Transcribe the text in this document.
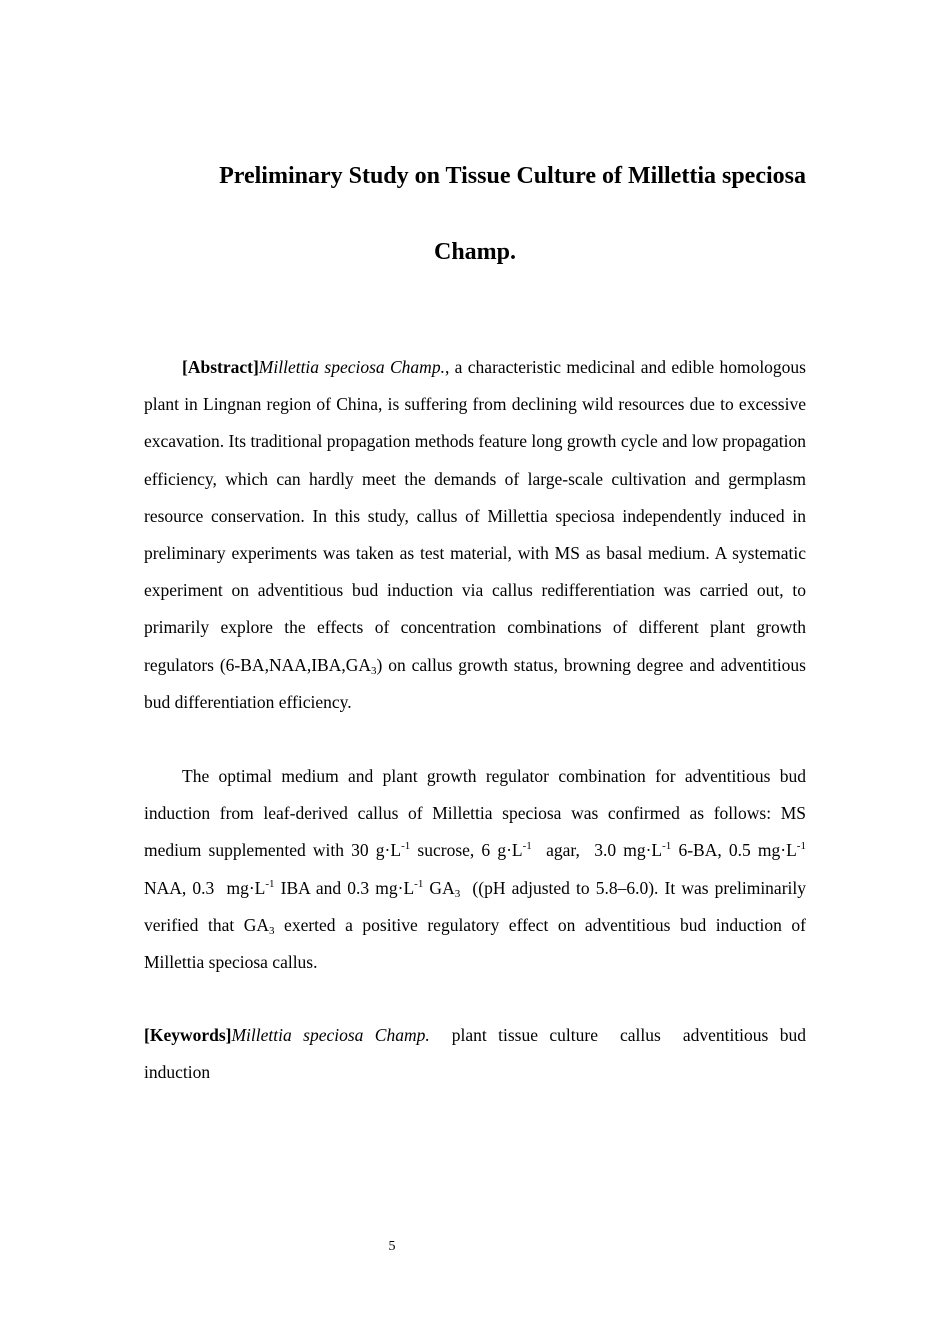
Preliminary Study on Tissue Culture of Millettia speciosa
Champ.

[Abstract]Millettia speciosa Champ., a characteristic medicinal and edible homologous plant in Lingnan region of China, is suffering from declining wild resources due to excessive excavation. Its traditional propagation methods feature long growth cycle and low propagation efficiency, which can hardly meet the demands of large-scale cultivation and germplasm resource conservation. In this study, callus of Millettia speciosa independently induced in preliminary experiments was taken as test material, with MS as basal medium. A systematic experiment on adventitious bud induction via callus redifferentiation was carried out, to primarily explore the effects of concentration combinations of different plant growth regulators $(6-BA,NAA,IBA,GA_3)$ on callus growth status, browning degree and adventitious bud differentiation efficiency.

The optimal medium and plant growth regulator combination for adventitious bud induction from leaf-derived callus of Millettia speciosa was confirmed as follows: MS medium supplemented with 30 $g\cdot L^{-1}$ sucrose, 6 $g\cdot L^{-1}$  agar,  3.0 $mg\cdot L^{-1}$ 6-BA, 0.5 $mg\cdot L^{-1}$ NAA, 0.3  $mg\cdot L^{-1}$ IBA and 0.3 $mg\cdot L^{-1}$ $GA_3$  ((pH adjusted to 5.8–6.0). It was preliminarily verified that $GA_3$ exerted a positive regulatory effect on adventitious bud induction of Millettia speciosa callus.

[Keywords]Millettia speciosa Champ. plant tissue culture callus adventitious bud induction

5
